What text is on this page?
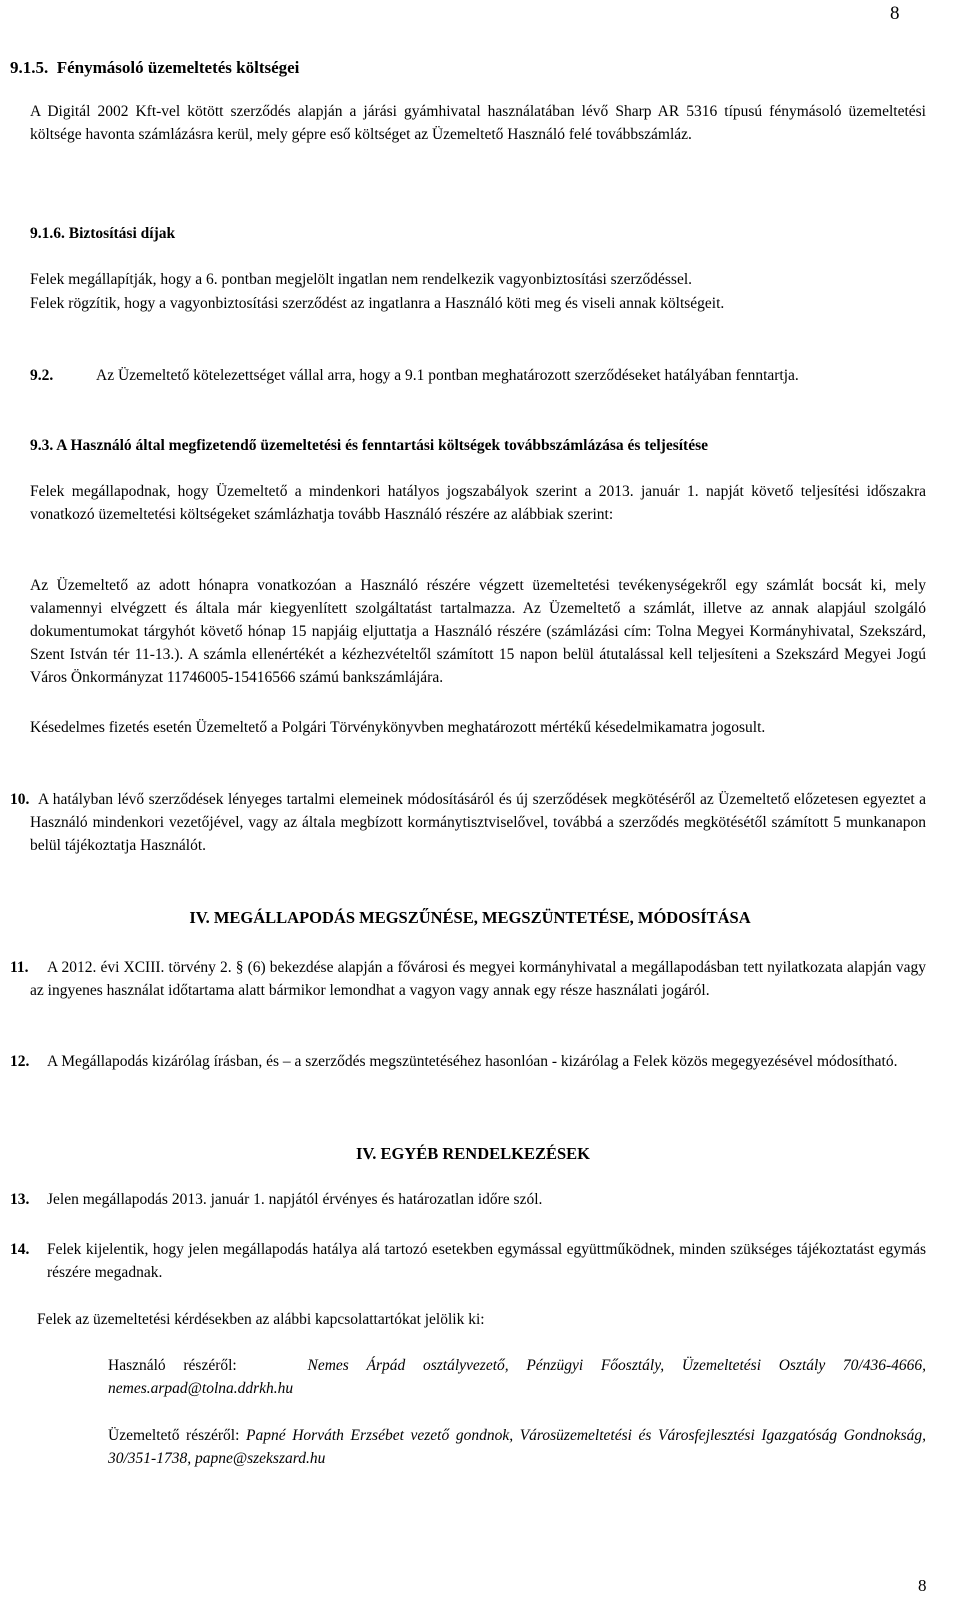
8
9.1.5. Fénymásoló üzemeltetés költségei
A Digitál 2002 Kft-vel kötött szerződés alapján a járási gyámhivatal használatában lévő Sharp AR 5316 típusú fénymásoló üzemeltetési költsége havonta számlázásra kerül, mely gépre eső költséget az Üzemeltető Használó felé továbbszámláz.
9.1.6. Biztosítási díjak
Felek megállapítják, hogy a 6. pontban megjelölt ingatlan nem rendelkezik vagyonbiztosítási szerződéssel.
Felek rögzítik, hogy a vagyonbiztosítási szerződést az ingatlanra a Használó köti meg és viseli annak költségeit.
9.2.	Az Üzemeltető kötelezettséget vállal arra, hogy a 9.1 pontban meghatározott szerződéseket hatályában fenntartja.
9.3. A Használó által megfizetendő üzemeltetési és fenntartási költségek továbbszámlázása és teljesítése
Felek megállapodnak, hogy Üzemeltető a mindenkori hatályos jogszabályok szerint a 2013. január 1. napját követő teljesítési időszakra vonatkozó üzemeltetési költségeket számlázhatja tovább Használó részére az alábbiak szerint:
Az Üzemeltető az adott hónapra vonatkozóan a Használó részére végzett üzemeltetési tevékenységekről egy számlát bocsát ki, mely valamennyi elvégzett és általa már kiegyenlített szolgáltatást tartalmazza. Az Üzemeltető a számlát, illetve az annak alapjául szolgáló dokumentumokat tárgyhót követő hónap 15 napjáig eljuttatja a Használó részére (számlázási cím: Tolna Megyei Kormányhivatal, Szekszárd, Szent István tér 11-13.). A számla ellenértékét a kézhezvételtől számított 15 napon belül átutalással kell teljesíteni a Szekszárd Megyei Jogú Város Önkormányzat 11746005-15416566 számú bankszámlájára.
Késedelmes fizetés esetén Üzemeltető a Polgári Törvénykönyvben meghatározott mértékű késedelmikamatra jogosult.
10. A hatályban lévő szerződések lényeges tartalmi elemeinek módosításáról és új szerződések megkötéséről az Üzemeltető előzetesen egyeztet a Használó mindenkori vezetőjével, vagy az általa megbízott kormánytisztviselővel, továbbá a szerződés megkötésétől számított 5 munkanapon belül tájékoztatja Használót.
IV. MEGÁLLAPODÁS MEGSZŰNÉSE, MEGSZÜNTETÉSE, MÓDOSÍTÁSA
11.	A 2012. évi XCIII. törvény 2. § (6) bekezdése alapján a fővárosi és megyei kormányhivatal a megállapodásban tett nyilatkozata alapján vagy az ingyenes használat időtartama alatt bármikor lemondhat a vagyon vagy annak egy része használati jogáról.
12. A Megállapodás kizárólag írásban, és – a szerződés megszüntetéséhez hasonlóan - kizárólag a Felek közös megegyezésével módosítható.
IV. EGYÉB RENDELKEZÉSEK
13. Jelen megállapodás 2013. január 1. napjától érvényes és határozatlan időre szól.
14. Felek kijelentik, hogy jelen megállapodás hatálya alá tartozó esetekben egymással együttműködnek, minden szükséges tájékoztatást egymás részére megadnak.
Felek az üzemeltetési kérdésekben az alábbi kapcsolattartókat jelölik ki:
Használó részéről:	Nemes Árpád osztályvezető, Pénzügyi Főosztály, Üzemeltetési Osztály 70/436-4666, nemes.arpad@tolna.ddrkh.hu
Üzemeltető részéről: Papné Horváth Erzsébet vezető gondnok, Városüzemeltetési és Városfejlesztési Igazgatóság Gondnokság, 30/351-1738, papne@szekszard.hu
8
